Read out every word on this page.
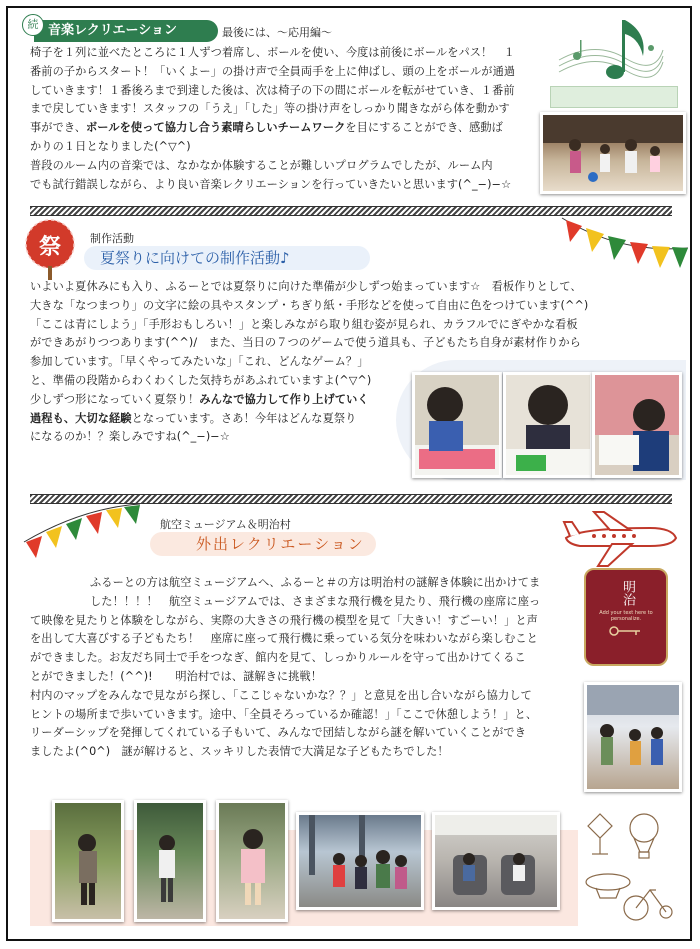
続 音楽レクリエーション	最後には、～応用編～
椅子を１列に並べたところに１人ずつ着席し、ボールを使い、今度は前後にボールをパス！　１
番前の子からスタート！「いくよー」の掛け声で全員両手を上に伸ばし、頭の上をボールが通過
していきます！１番後ろまで到達した後は、次は椅子の下の間にボールを転がせていき、１番前
まで戻していきます！スタッフの「うえ」「した」等の掛け声をしっかり聞きながら体を動かす
事ができ、ボールを使って協力し合う素晴らしいチームワークを目にすることができ、感動ば
かりの１日となりました(^▽^)
普段のルーム内の音楽では、なかなか体験することが難しいプログラムでしたが、ルーム内
でも試行錯誤しながら、より良い音楽レクリエーションを行っていきたいと思います(^_−)−☆
祭	制作活動
夏祭りに向けての制作活動♪
いよいよ夏休みにも入り、ふるーとでは夏祭りに向けた準備が少しずつ始まっています☆　看板作りとして、
大きな「なつまつり」の文字に絵の具やスタンプ・ちぎり紙・手形などを使って自由に色をつけています(^^)
「ここは青にしよう」「手形おもしろい！」と楽しみながら取り組む姿が見られ、カラフルでにぎやかな看板
ができあがりつつあります(^^)/　また、当日の７つのゲームで使う道具も、子どもたち自身が素材作りから
参加しています。「早くやってみたいな」「これ、どんなゲーム？」
と、準備の段階からわくわくした気持ちがあふれていますよ(^▽^)
少しずつ形になっていく夏祭り！みんなで協力して作り上げていく
過程も、大切な経験となっています。さあ！今年はどんな夏祭り
になるのか！？楽しみですね(^_−)−☆
航空ミュージアム＆明治村
外出レクリエーション
ふるーとの方は航空ミュージアムへ、ふるーと＃の方は明治村の謎解き体験に出かけてま
した！！！！　航空ミュージアムでは、さまざまな飛行機を見たり、飛行機の座席に座っ
て映像を見たりと体験をしながら、実際の大きさの飛行機の模型を見て「大きい！すごーい！」と声
を出して大喜びする子どもたち！　座席に座って飛行機に乗っている気分を味わいながら楽しむこと
ができました。お友だち同士で手をつなぎ、館内を見て、しっかりルールを守って出かけてくるこ
とができました！(^^)!　　明治村では、謎解きに挑戦！
村内のマップをみんなで見ながら探し、「ここじゃないかな？？」と意見を出し合いながら協力して
ヒントの場所まで歩いていきます。途中、「全員そろっているか確認！」「ここで休憩しよう！」と、
リーダーシップを発揮してくれている子もいて、みんなで団結しながら謎を解いていくことができ
ましたよ(^0^)　謎が解けると、スッキリした表情で大満足な子どもたちでした！
明治
Add your text here to
personalize.
